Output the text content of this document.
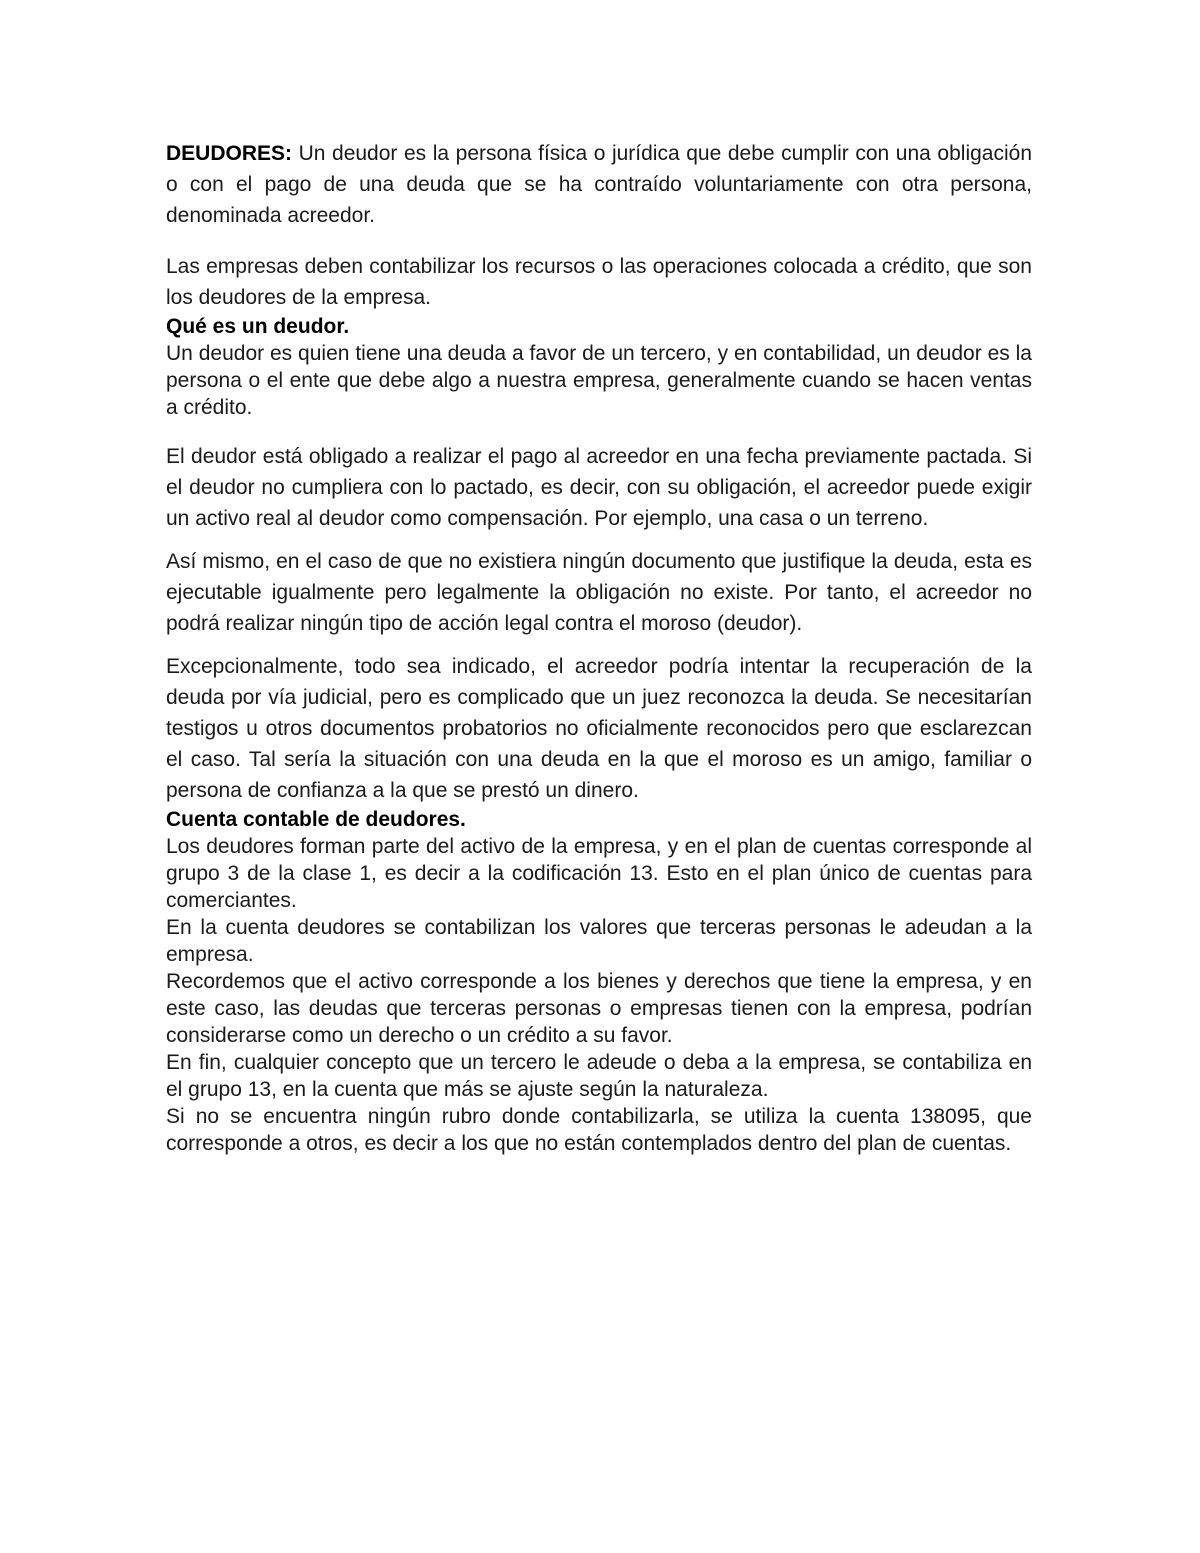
DEUDORES: Un deudor es la persona física o jurídica que debe cumplir con una obligación o con el pago de una deuda que se ha contraído voluntariamente con otra persona, denominada acreedor.

Las empresas deben contabilizar los recursos o las operaciones colocada a crédito, que son los deudores de la empresa.

Qué es un deudor.

Un deudor es quien tiene una deuda a favor de un tercero, y en contabilidad, un deudor es la persona o el ente que debe algo a nuestra empresa, generalmente cuando se hacen ventas a crédito.

El deudor está obligado a realizar el pago al acreedor en una fecha previamente pactada. Si el deudor no cumpliera con lo pactado, es decir, con su obligación, el acreedor puede exigir un activo real al deudor como compensación. Por ejemplo, una casa o un terreno.

Así mismo, en el caso de que no existiera ningún documento que justifique la deuda, esta es ejecutable igualmente pero legalmente la obligación no existe. Por tanto, el acreedor no podrá realizar ningún tipo de acción legal contra el moroso (deudor).

Excepcionalmente, todo sea indicado, el acreedor podría intentar la recuperación de la deuda por vía judicial, pero es complicado que un juez reconozca la deuda. Se necesitarían testigos u otros documentos probatorios no oficialmente reconocidos pero que esclarezcan el caso. Tal sería la situación con una deuda en la que el moroso es un amigo, familiar o persona de confianza a la que se prestó un dinero.

Cuenta contable de deudores.

Los deudores forman parte del activo de la empresa, y en el plan de cuentas corresponde al grupo 3 de la clase 1, es decir a la codificación 13. Esto en el plan único de cuentas para comerciantes.

En la cuenta deudores se contabilizan los valores que terceras personas le adeudan a la empresa.

Recordemos que el activo corresponde a los bienes y derechos que tiene la empresa, y en este caso, las deudas que terceras personas o empresas tienen con la empresa, podrían considerarse como un derecho o un crédito a su favor.

En fin, cualquier concepto que un tercero le adeude o deba a la empresa, se contabiliza en el grupo 13, en la cuenta que más se ajuste según la naturaleza.

Si no se encuentra ningún rubro donde contabilizarla, se utiliza la cuenta 138095, que corresponde a otros, es decir a los que no están contemplados dentro del plan de cuentas.
